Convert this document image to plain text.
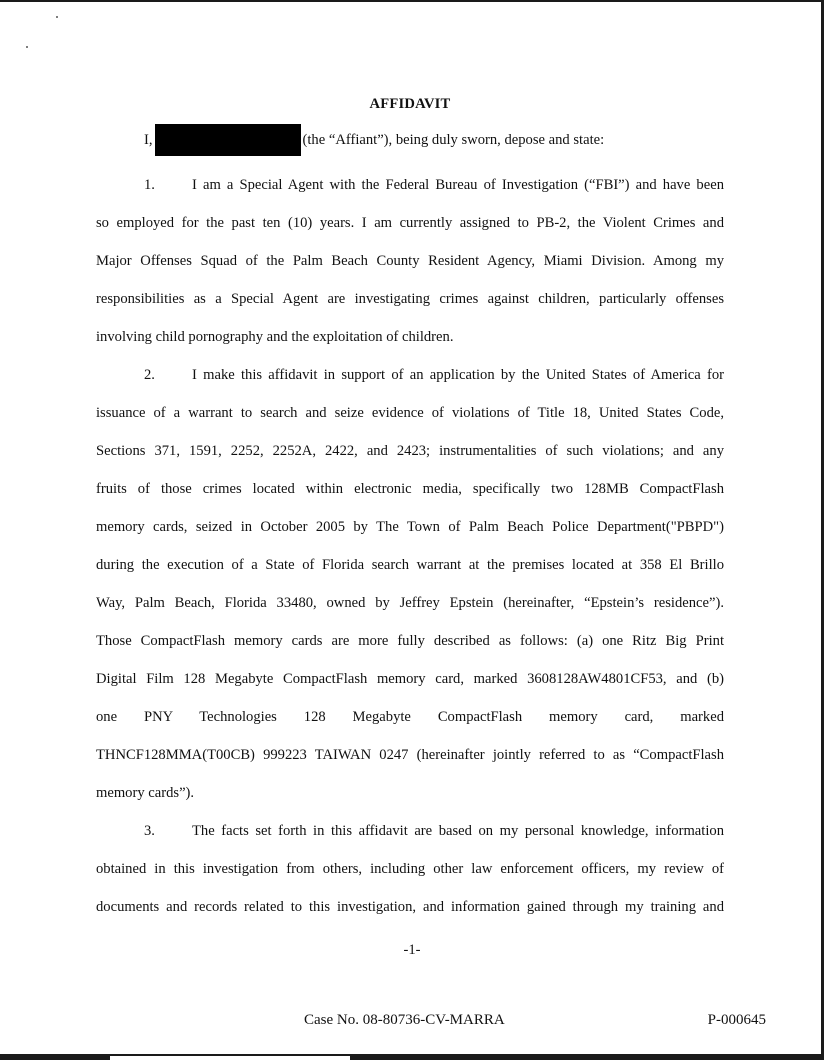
AFFIDAVIT
I,	(the “Affiant”), being duly sworn, depose and state:
1.	I am a Special Agent with the Federal Bureau of Investigation (“FBI”) and have been
so employed for the past ten (10) years. I am currently assigned to PB-2, the Violent Crimes and
Major Offenses Squad of the Palm Beach County Resident Agency, Miami Division. Among my
responsibilities as a Special Agent are investigating crimes against children, particularly offenses
involving child pornography and the exploitation of children.
2.	I make this affidavit in support of an application by the United States of America for
issuance of a warrant to search and seize evidence of violations of Title 18, United States Code,
Sections 371, 1591, 2252, 2252A, 2422, and 2423; instrumentalities of such violations; and any
fruits of those crimes located within electronic media, specifically two 128MB CompactFlash
memory cards, seized in October 2005 by The Town of Palm Beach Police Department("PBPD")
during the execution of a State of Florida search warrant at the premises located at 358 El Brillo
Way, Palm Beach, Florida 33480, owned by Jeffrey Epstein (hereinafter, “Epstein’s residence”).
Those CompactFlash memory cards are more fully described as follows: (a) one Ritz Big Print
Digital Film 128 Megabyte CompactFlash memory card, marked 3608128AW4801CF53, and (b)
one PNY Technologies 128 Megabyte CompactFlash memory card, marked
THNCF128MMA(T00CB) 999223 TAIWAN 0247 (hereinafter jointly referred to as “CompactFlash
memory cards”).
3.	The facts set forth in this affidavit are based on my personal knowledge, information
obtained in this investigation from others, including other law enforcement officers, my review of
documents and records related to this investigation, and information gained through my training and
-1-
Case No. 08-80736-CV-MARRA	P-000645
